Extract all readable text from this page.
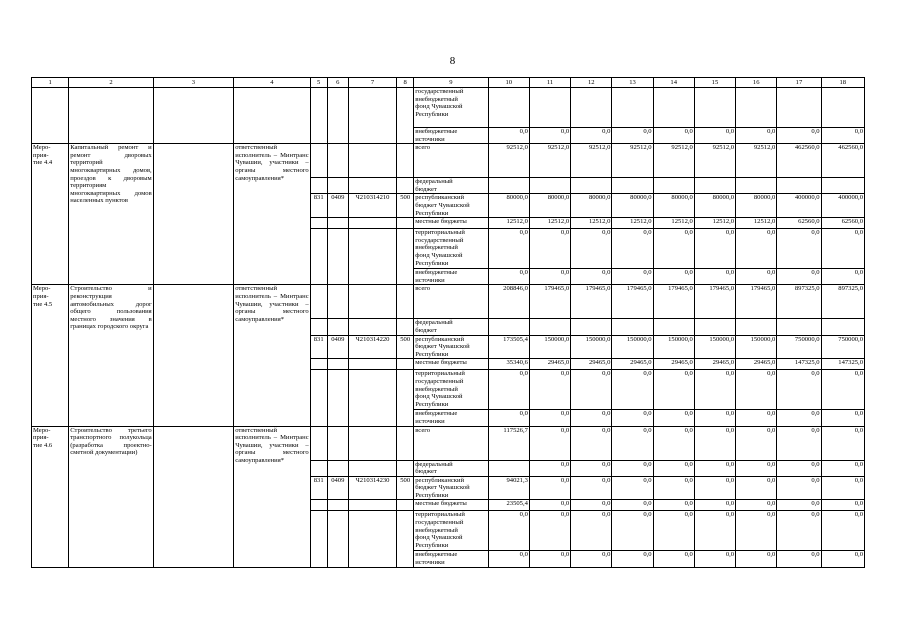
8
1	2	3	4	5	6	7	8	9	10	11	12	13	14	15	16	17	18
								государственный
внебюджетный
фонд Чувашской
Республики									
								внебюджетные
источники	0,0	0,0	0,0	0,0	0,0	0,0	0,0	0,0	0,0
Меро-
прия-
тие 4.4	Капитальный ремонт и ремонт дворовых территорий многоквартирных домов, проездов к дворовым территориям многоквартирных домов населенных пунктов		ответственный исполнитель – Минтранс Чувашии, участники – органы местного самоуправления*					всего	92512,0	92512,0	92512,0	92512,0	92512,0	92512,0	92512,0	462560,0	462560,0
								федеральный
бюджет									
				831	0409	Ч210314210	500	республиканский
бюджет Чувашской Республики	80000,0	80000,0	80000,0	80000,0	80000,0	80000,0	80000,0	400000,0	400000,0
								местные бюджеты	12512,0	12512,0	12512,0	12512,0	12512,0	12512,0	12512,0	62560,0	62560,0
								территориальный
государственный
внебюджетный
фонд Чувашской
Республики	0,0	0,0	0,0	0,0	0,0	0,0	0,0	0,0	0,0
								внебюджетные
источники	0,0	0,0	0,0	0,0	0,0	0,0	0,0	0,0	0,0
Меро-
прия-
тие 4.5	Строительство и реконструкция автомобильных дорог общего пользования местного значения в границах городского округа		ответственный исполнитель – Минтранс Чувашии, участники – органы местного самоуправления*					всего	208846,0	179465,0	179465,0	179465,0	179465,0	179465,0	179465,0	897325,0	897325,0
								федеральный
бюджет									
				831	0409	Ч210314220	500	республиканский
бюджет Чувашской Республики	173505,4	150000,0	150000,0	150000,0	150000,0	150000,0	150000,0	750000,0	750000,0
								местные бюджеты	35340,6	29465,0	29465,0	29465,0	29465,0	29465,0	29465,0	147325,0	147325,0
								территориальный
государственный
внебюджетный
фонд Чувашской
Республики	0,0	0,0	0,0	0,0	0,0	0,0	0,0	0,0	0,0
								внебюджетные
источники	0,0	0,0	0,0	0,0	0,0	0,0	0,0	0,0	0,0
Меро-
прия-
тие 4.6	Строительство третьего транспортного полукольца (разработка проектно-сметной документации)		ответственный исполнитель – Минтранс Чувашии, участники – органы местного самоуправления*					всего	117526,7	0,0	0,0	0,0	0,0	0,0	0,0	0,0	0,0
								федеральный
бюджет		0,0	0,0	0,0	0,0	0,0	0,0	0,0	0,0
				831	0409	Ч210314230	500	республиканский
бюджет Чувашской Республики	94021,3	0,0	0,0	0,0	0,0	0,0	0,0	0,0	0,0
								местные бюджеты	23505,4	0,0	0,0	0,0	0,0	0,0	0,0	0,0	0,0
								территориальный
государственный
внебюджетный
фонд Чувашской
Республики	0,0	0,0	0,0	0,0	0,0	0,0	0,0	0,0	0,0
								внебюджетные
источники	0,0	0,0	0,0	0,0	0,0	0,0	0,0	0,0	0,0
